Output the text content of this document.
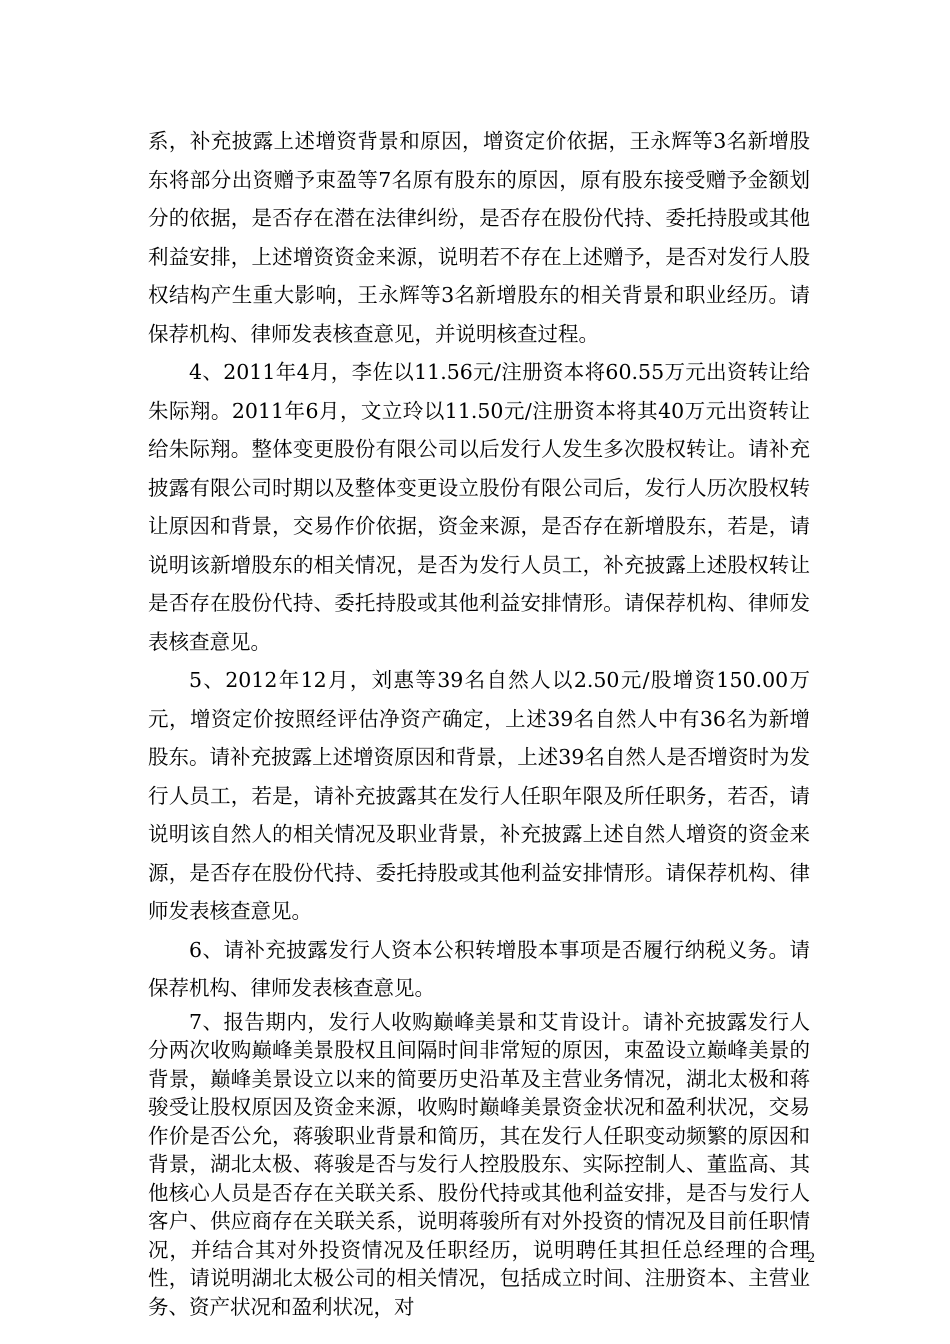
系，补充披露上述增资背景和原因，增资定价依据，王永辉等3名新增股东将部分出资赠予束盈等7名原有股东的原因，原有股东接受赠予金额划分的依据，是否存在潜在法律纠纷，是否存在股份代持、委托持股或其他利益安排，上述增资资金来源，说明若不存在上述赠予，是否对发行人股权结构产生重大影响，王永辉等3名新增股东的相关背景和职业经历。请保荐机构、律师发表核查意见，并说明核查过程。

4、2011年4月，李佐以11.56元/注册资本将60.55万元出资转让给朱际翔。2011年6月，文立玲以11.50元/注册资本将其40万元出资转让给朱际翔。整体变更股份有限公司以后发行人发生多次股权转让。请补充披露有限公司时期以及整体变更设立股份有限公司后，发行人历次股权转让原因和背景，交易作价依据，资金来源，是否存在新增股东，若是，请说明该新增股东的相关情况，是否为发行人员工，补充披露上述股权转让是否存在股份代持、委托持股或其他利益安排情形。请保荐机构、律师发表核查意见。

5、2012年12月，刘惠等39名自然人以2.50元/股增资150.00万元，增资定价按照经评估净资产确定，上述39名自然人中有36名为新增股东。请补充披露上述增资原因和背景，上述39名自然人是否增资时为发行人员工，若是，请补充披露其在发行人任职年限及所任职务，若否，请说明该自然人的相关情况及职业背景，补充披露上述自然人增资的资金来源，是否存在股份代持、委托持股或其他利益安排情形。请保荐机构、律师发表核查意见。

6、请补充披露发行人资本公积转增股本事项是否履行纳税义务。请保荐机构、律师发表核查意见。

7、报告期内，发行人收购巅峰美景和艾肯设计。请补充披露发行人分两次收购巅峰美景股权且间隔时间非常短的原因，束盈设立巅峰美景的背景，巅峰美景设立以来的简要历史沿革及主营业务情况，湖北太极和蒋骏受让股权原因及资金来源，收购时巅峰美景资金状况和盈利状况，交易作价是否公允，蒋骏职业背景和简历，其在发行人任职变动频繁的原因和背景，湖北太极、蒋骏是否与发行人控股股东、实际控制人、董监高、其他核心人员是否存在关联关系、股份代持或其他利益安排，是否与发行人客户、供应商存在关联关系，说明蒋骏所有对外投资的情况及目前任职情况，并结合其对外投资情况及任职经历，说明聘任其担任总经理的合理性，请说明湖北太极公司的相关情况，包括成立时间、注册资本、主营业务、资产状况和盈利状况，对

2
